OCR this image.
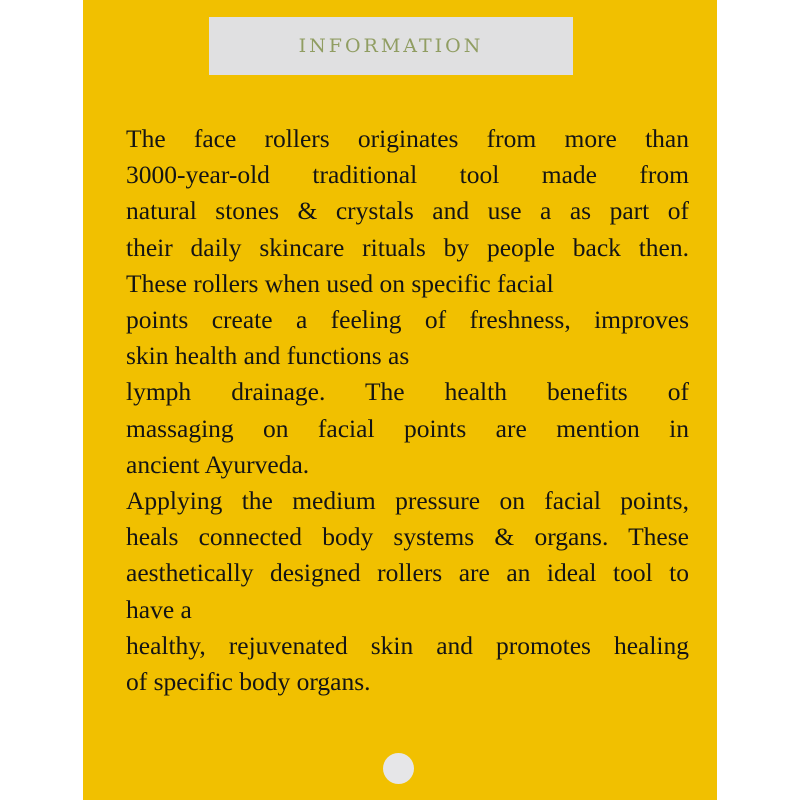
INFORMATION
The face rollers originates from more than
3000-year-old traditional tool made from
natural stones & crystals and use a as part of
their daily skincare rituals by people back then.
These rollers when used on specific facial
points create a feeling of freshness, improves
skin health and functions as
lymph drainage. The health benefits of
massaging on facial points are mention in
ancient Ayurveda.
Applying the medium pressure on facial points,
heals connected body systems & organs. These
aesthetically designed rollers are an ideal tool to
have a
healthy, rejuvenated skin and promotes healing
of specific body organs.
